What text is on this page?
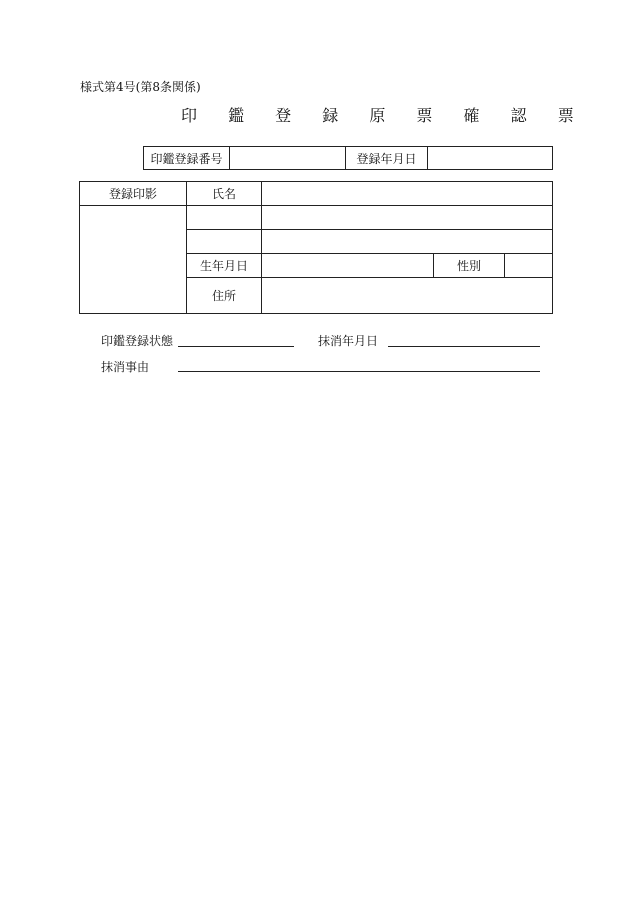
様式第4号(第8条関係)
印 鑑 登 録 原 票 確 認 票
印鑑登録番号		登録年月日	
登録印影	氏名			

	生年月日		性別	
	住所			
印鑑登録状態	抹消年月日
抹消事由
